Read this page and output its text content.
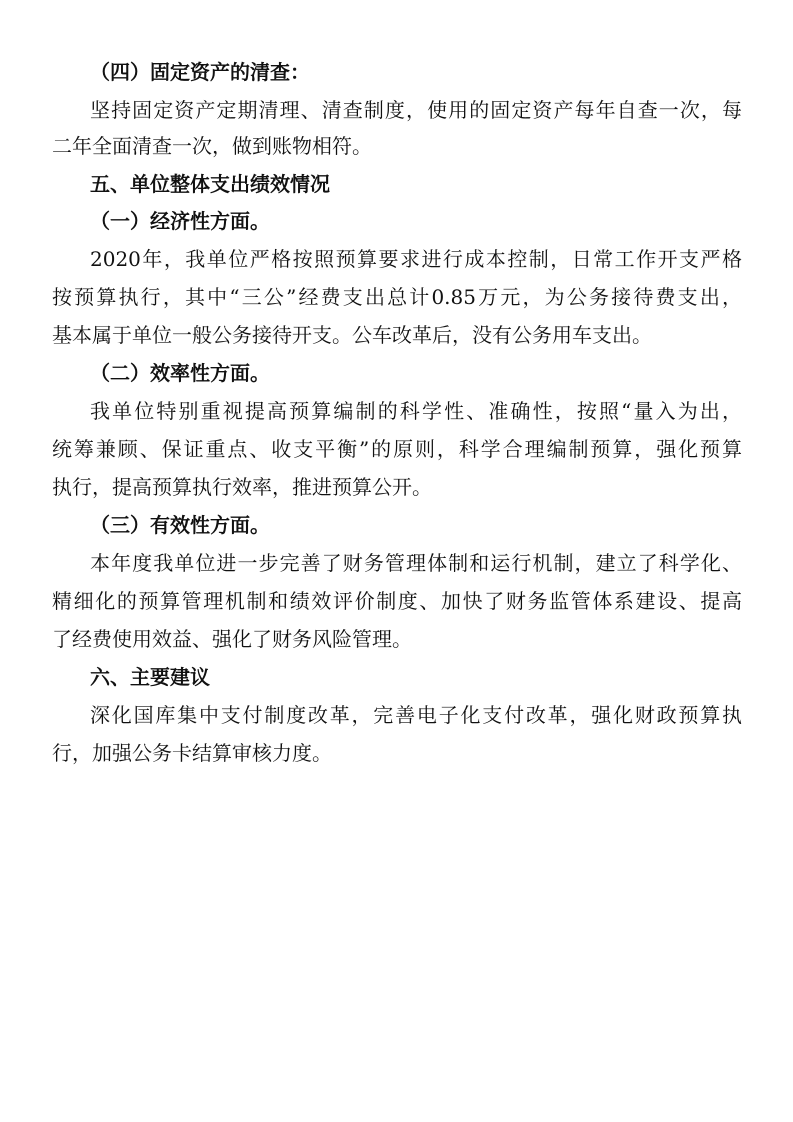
（四）固定资产的清查：
坚持固定资产定期清理、清查制度，使用的固定资产每年自查一次，每
二年全面清查一次，做到账物相符。
五、单位整体支出绩效情况
（一）经济性方面。
2020年，我单位严格按照预算要求进行成本控制，日常工作开支严格
按预算执行，其中“三公”经费支出总计0.85万元，为公务接待费支出，
基本属于单位一般公务接待开支。公车改革后，没有公务用车支出。
（二）效率性方面。
我单位特别重视提高预算编制的科学性、准确性，按照“量入为出，
统筹兼顾、保证重点、收支平衡”的原则，科学合理编制预算，强化预算
执行，提高预算执行效率，推进预算公开。
（三）有效性方面。
本年度我单位进一步完善了财务管理体制和运行机制，建立了科学化、
精细化的预算管理机制和绩效评价制度、加快了财务监管体系建设、提高
了经费使用效益、强化了财务风险管理。
六、主要建议
深化国库集中支付制度改革，完善电子化支付改革，强化财政预算执
行，加强公务卡结算审核力度。
